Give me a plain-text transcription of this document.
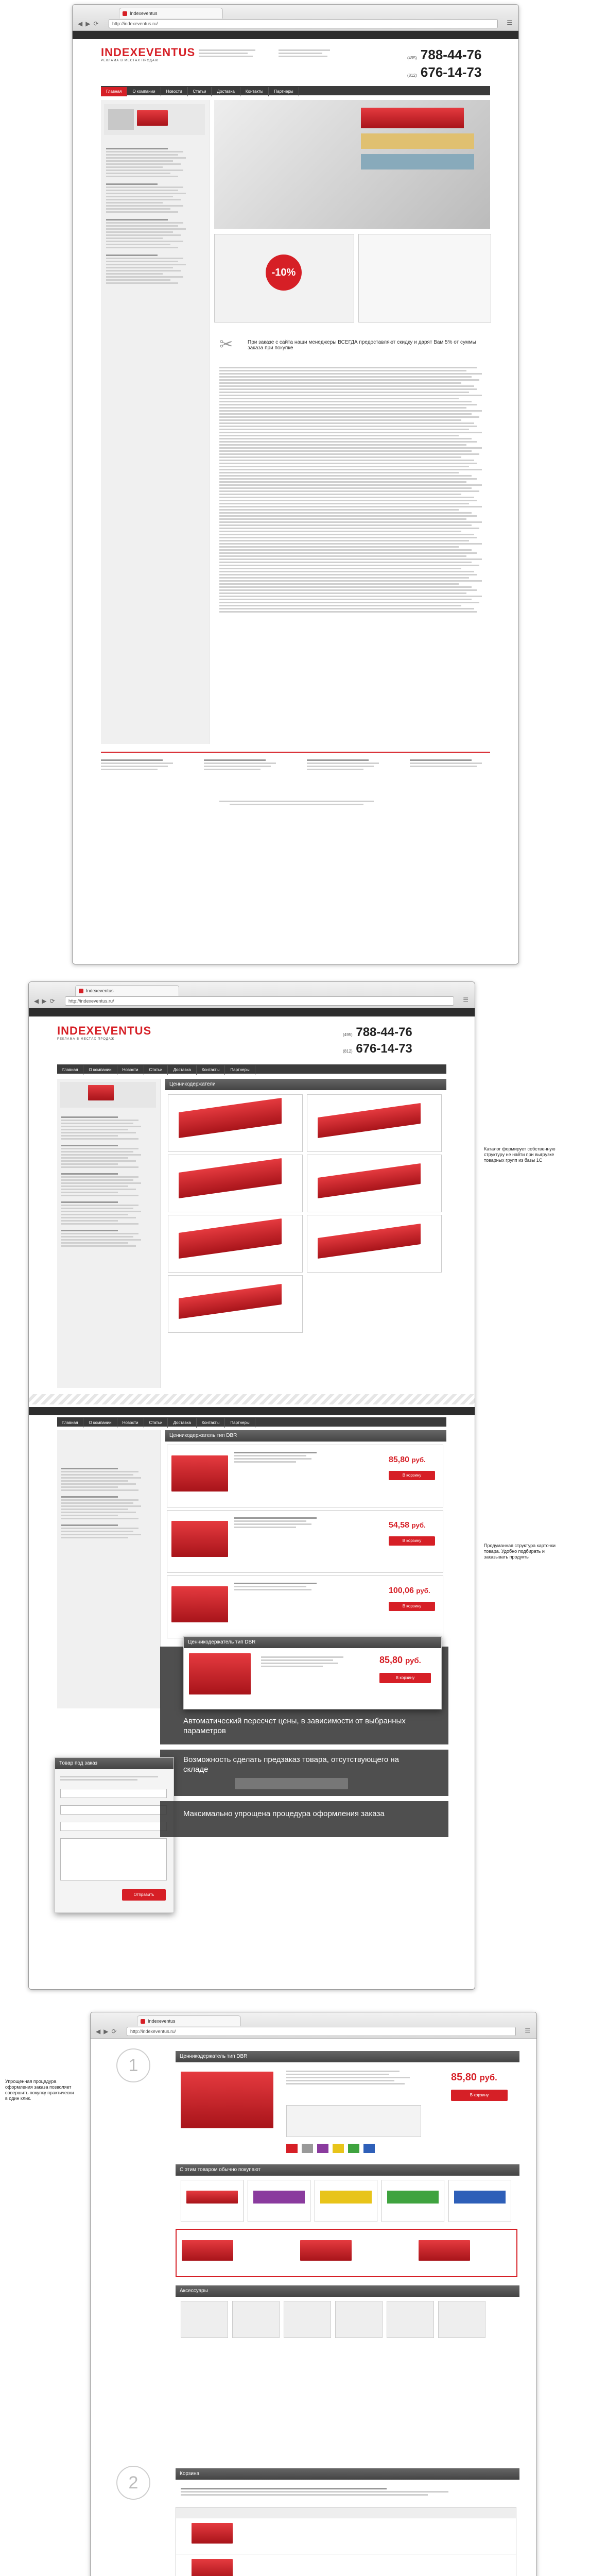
Indexeventus
◀▶⟳	http://indexeventus.ru/	☰
INDEXEVENTUS
РЕКЛАМА В МЕСТАХ ПРОДАЖ
(495) 788-44-76
(812) 676-14-73
Главная	О компании	Новости	Статьи	Доставка	Контакты	Партнеры
-10%
При заказе с сайта наши менеджеры ВСЕГДА предоставляют скидку и дарят Вам 5% от суммы заказа при покупке
✂
Indexeventus
◀▶⟳	http://indexeventus.ru/	☰
INDEXEVENTUS
РЕКЛАМА В МЕСТАХ ПРОДАЖ
(495) 788-44-76
(812) 676-14-73
Главная	О компании	Новости	Статьи	Доставка	Контакты	Партнеры
Ценникодержатели
Главная	О компании	Новости	Статьи	Доставка	Контакты	Партнеры
Ценникодержатель тип DBR
85,80 руб.
В корзину
54,58 руб.
В корзину
100,06 руб.
В корзину
Ценникодержатель тип DBR
85,80 руб.
В корзину
Автоматический пересчет цены, в зависимости от выбранных параметров
Возможность сделать предзаказ товара, отсутствующего на складе
Товар под заказ
Отправить
Максимально упрощена процедура оформления заказа
Каталог формирует собственную структуру не найти при выгрузке товарных групп из базы 1С
Продуманная структура карточки товара. Удобно подбирать и заказывать продукты
Indexeventus
◀▶⟳	http://indexeventus.ru/	☰
1	Ценникодержатель тип DBR
85,80 руб.
В корзину
С этим товаром обычно покупают
Аксессуары
2	Корзина
Упрощенная процедура оформления заказа позволяет совершить покупку практически в один клик.
